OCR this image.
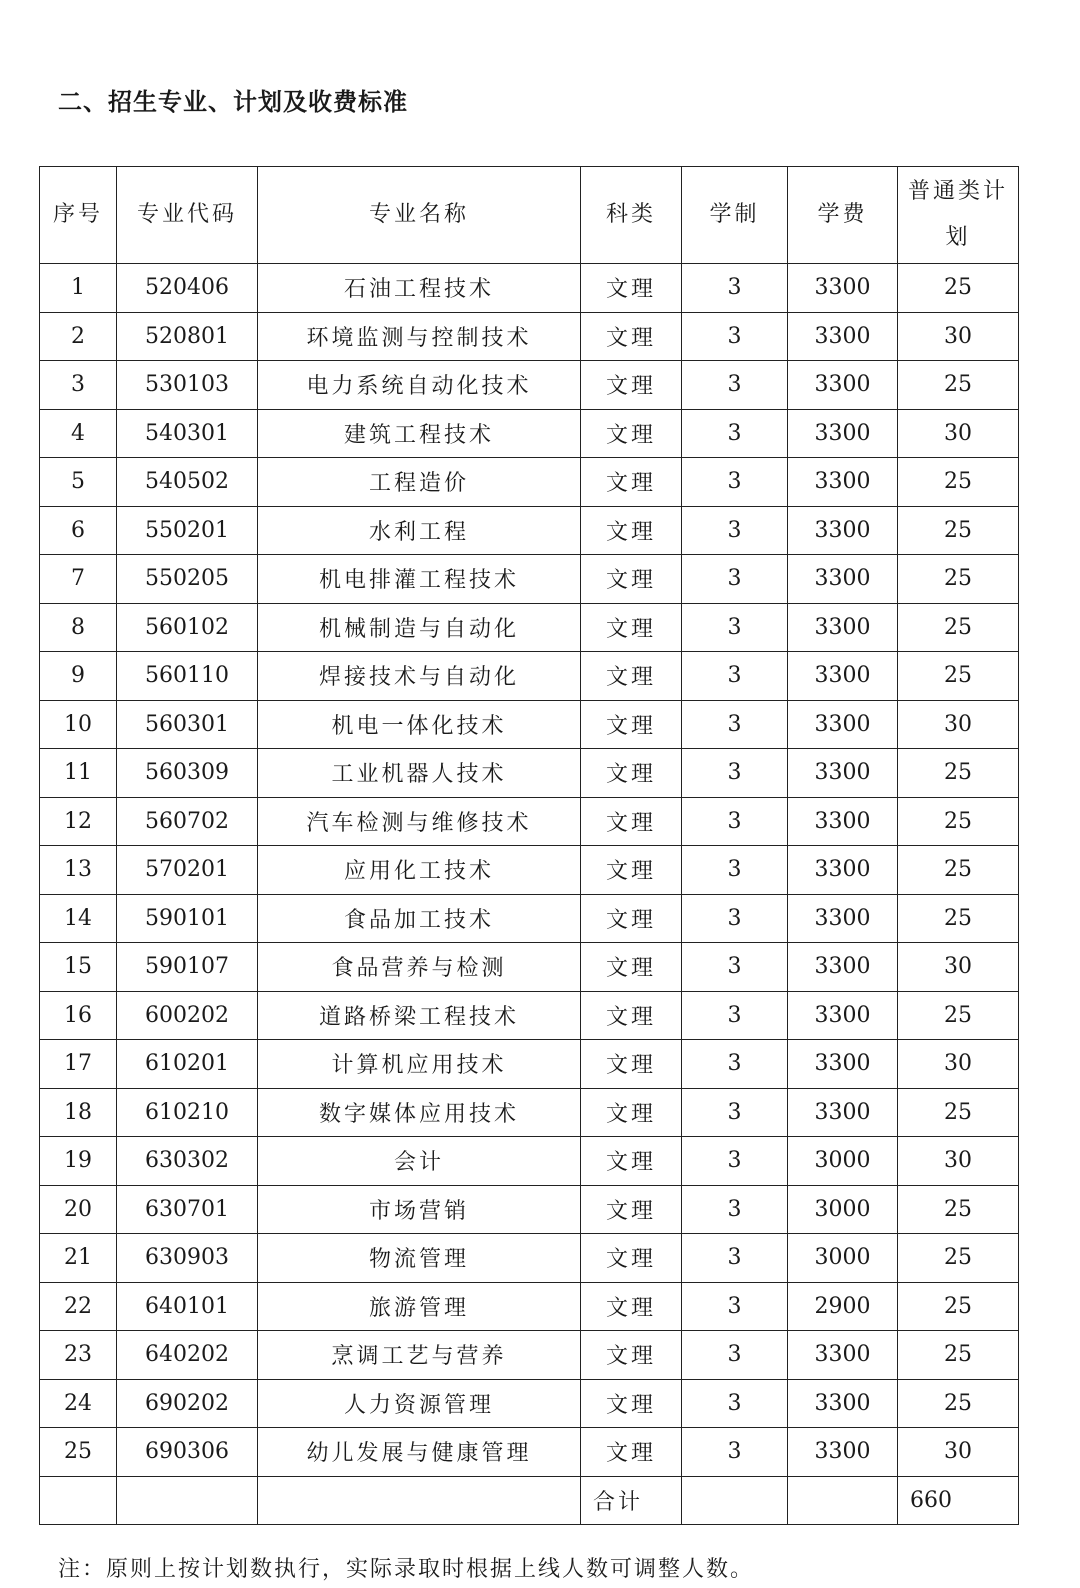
二、招生专业、计划及收费标准
序号	专业代码	专业名称	科类	学制	学费	普通类计划
1	520406	石油工程技术	文理	3	3300	25
2	520801	环境监测与控制技术	文理	3	3300	30
3	530103	电力系统自动化技术	文理	3	3300	25
4	540301	建筑工程技术	文理	3	3300	30
5	540502	工程造价	文理	3	3300	25
6	550201	水利工程	文理	3	3300	25
7	550205	机电排灌工程技术	文理	3	3300	25
8	560102	机械制造与自动化	文理	3	3300	25
9	560110	焊接技术与自动化	文理	3	3300	25
10	560301	机电一体化技术	文理	3	3300	30
11	560309	工业机器人技术	文理	3	3300	25
12	560702	汽车检测与维修技术	文理	3	3300	25
13	570201	应用化工技术	文理	3	3300	25
14	590101	食品加工技术	文理	3	3300	25
15	590107	食品营养与检测	文理	3	3300	30
16	600202	道路桥梁工程技术	文理	3	3300	25
17	610201	计算机应用技术	文理	3	3300	30
18	610210	数字媒体应用技术	文理	3	3300	25
19	630302	会计	文理	3	3000	30
20	630701	市场营销	文理	3	3000	25
21	630903	物流管理	文理	3	3000	25
22	640101	旅游管理	文理	3	2900	25
23	640202	烹调工艺与营养	文理	3	3300	25
24	690202	人力资源管理	文理	3	3300	25
25	690306	幼儿发展与健康管理	文理	3	3300	30
			合计			660

注：原则上按计划数执行，实际录取时根据上线人数可调整人数。
